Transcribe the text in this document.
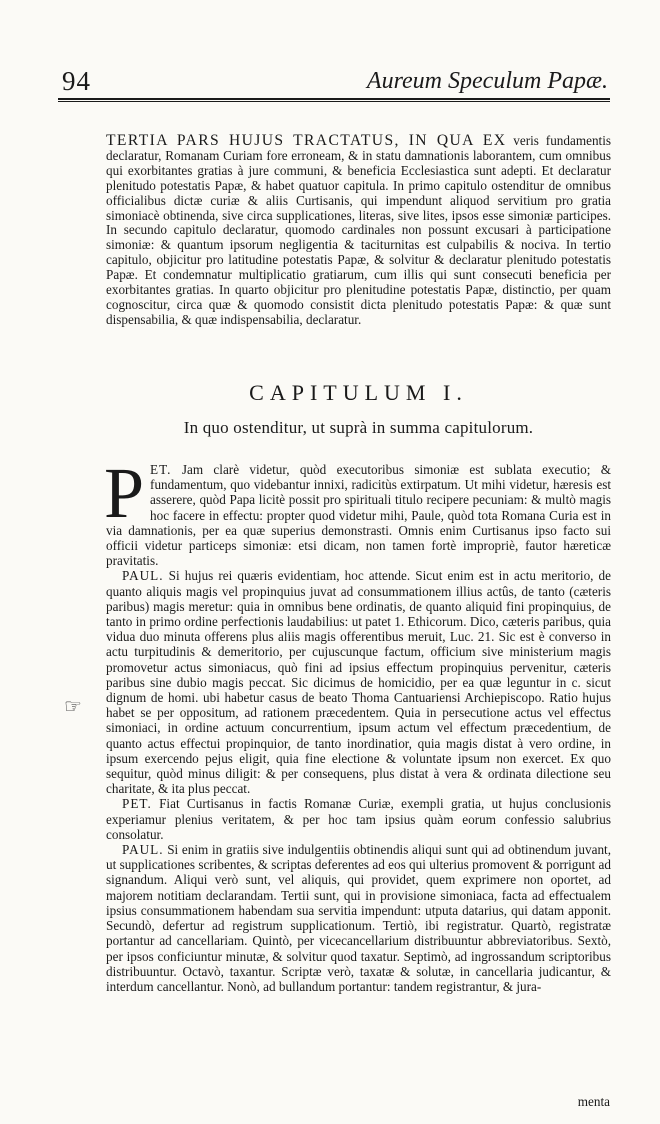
94	Aureum Speculum Papæ.
TERTIA PARS HUJUS TRACTATUS, IN QUA EX veris fundamentis declaratur, Romanam Curiam fore erroneam, & in statu damnationis laborantem, cum omnibus qui exorbitantes gratias à jure communi, & beneficia Ecclesiastica sunt adepti. Et declaratur plenitudo potestatis Papæ, & habet quatuor capitula. In primo capitulo ostenditur de omnibus officialibus dictæ curiæ & aliis Curtisanis, qui impendunt aliquod servitium pro gratia simoniacè obtinenda, sive circa supplicationes, literas, sive lites, ipsos esse simoniæ participes. In secundo capitulo declaratur, quomodo cardinales non possunt excusari à participatione simoniæ: & quantum ipsorum negligentia & taciturnitas est culpabilis & nociva. In tertio capitulo, objicitur pro latitudine potestatis Papæ, & solvitur & declaratur plenitudo potestatis Papæ. Et condemnatur multiplicatio gratiarum, cum illis qui sunt consecuti beneficia per exorbitantes gratias. In quarto objicitur pro plenitudine potestatis Papæ, distinctio, per quam cognoscitur, circa quæ & quomodo consistit dicta plenitudo potestatis Papæ: & quæ sunt dispensabilia, & quæ indispensabilia, declaratur.
CAPITULUM I.
In quo ostenditur, ut suprà in summa capitulorum.
☞

P ET. Jam clarè videtur, quòd executoribus simoniæ est sublata executio; & fundamentum, quo videbantur innixi, radicitùs extirpatum. Ut mihi videtur, hæresis est asserere, quòd Papa licitè possit pro spirituali titulo recipere pecuniam: & multò magis hoc facere in effectu: propter quod videtur mihi, Paule, quòd tota Romana Curia est in via damnationis, per ea quæ superius demonstrasti. Omnis enim Curtisanus ipso facto sui officii videtur particeps simoniæ: etsi dicam, non tamen fortè impropriè, fautor hæreticæ pravitatis.

PAUL. Si hujus rei quæris evidentiam, hoc attende. Sicut enim est in actu meritorio, de quanto aliquis magis vel propinquius juvat ad consummationem illius actûs, de tanto (cæteris paribus) magis meretur: quia in omnibus bene ordinatis, de quanto aliquid fini propinquius, de tanto in primo ordine perfectionis laudabilius: ut patet 1. Ethicorum. Dico, cæteris paribus, quia vidua duo minuta offerens plus aliis magis offerentibus meruit, Luc. 21. Sic est è converso in actu turpitudinis & demeritorio, per cujuscunque factum, officium sive ministerium magis promovetur actus simoniacus, quò fini ad ipsius effectum propinquius pervenitur, cæteris paribus sine dubio magis peccat. Sic dicimus de homicidio, per ea quæ leguntur in c. sicut dignum de homi. ubi habetur casus de beato Thoma Cantuariensi Archiepiscopo. Ratio hujus habet se per oppositum, ad rationem præcedentem. Quia in persecutione actus vel effectus simoniaci, in ordine actuum concurrentium, ipsum actum vel effectum præcedentium, de quanto actus effectui propinquior, de tanto inordinatior, quia magis distat à vero ordine, in ipsum exercendo pejus eligit, quia fine electione & voluntate ipsum non exercet. Ex quo sequitur, quòd minus diligit: & per consequens, plus distat à vera & ordinata dilectione seu charitate, & ita plus peccat.

PET. Fiat Curtisanus in factis Romanæ Curiæ, exempli gratia, ut hujus conclusionis experiamur plenius veritatem, & per hoc tam ipsius quàm eorum confessio salubrius consolatur.

PAUL. Si enim in gratiis sive indulgentiis obtinendis aliqui sunt qui ad obtinendum juvant, ut supplicationes scribentes, & scriptas deferentes ad eos qui ulterius promovent & porrigunt ad signandum. Aliqui verò sunt, vel aliquis, qui providet, quem exprimere non oportet, ad majorem notitiam declarandam. Tertii sunt, qui in provisione simoniaca, facta ad effectualem ipsius consummationem habendam sua servitia impendunt: utputa datarius, qui datam apponit. Secundò, defertur ad registrum supplicationum. Tertiò, ibi registratur. Quartò, registratæ portantur ad cancellariam. Quintò, per vicecancellarium distribuuntur abbreviatoribus. Sextò, per ipsos conficiuntur minutæ, & solvitur quod taxatur. Septimò, ad ingrossandum scriptoribus distribuuntur. Octavò, taxantur. Scriptæ verò, taxatæ & solutæ, in cancellaria judicantur, & interdum cancellantur. Nonò, ad bullandum portantur: tandem registrantur, & jura-

menta
